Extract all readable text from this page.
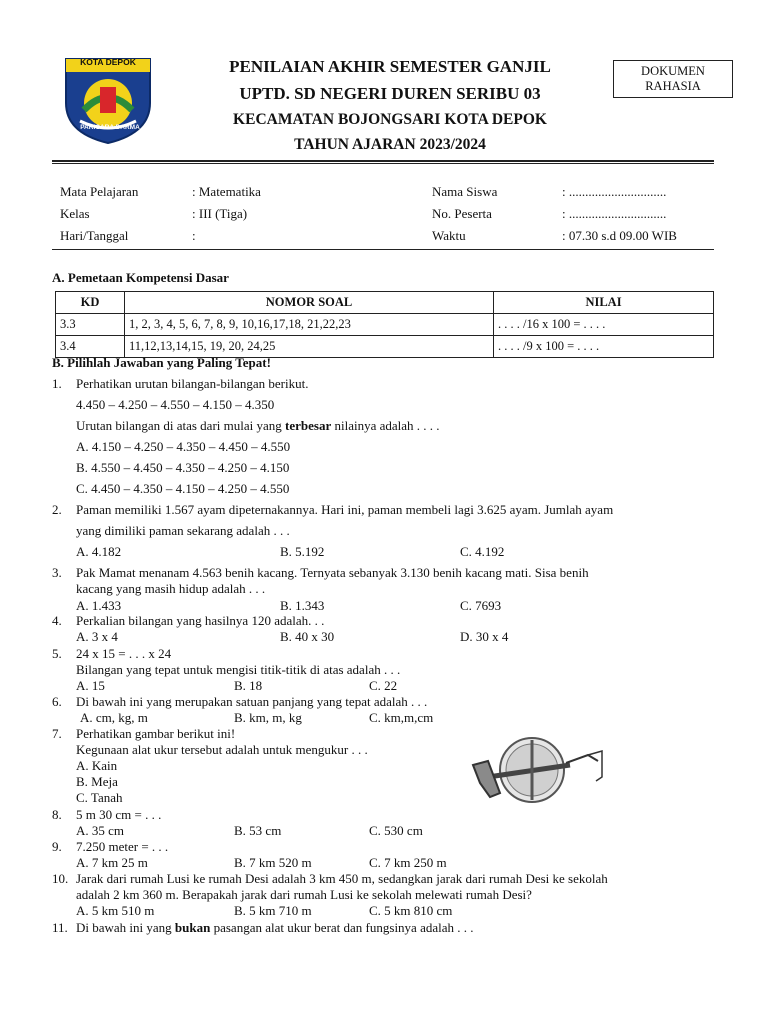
KOTA DEPOK
PARICARA DARMA
PENILAIAN AKHIR SEMESTER GANJIL
UPTD. SD NEGERI DUREN SERIBU 03
KECAMATAN BOJONGSARI KOTA DEPOK
TAHUN AJARAN 2023/2024
DOKUMEN
RAHASIA
Mata Pelajaran	: Matematika
Kelas	: III (Tiga)
Hari/Tanggal	:
Nama Siswa	: ..............................
No. Peserta	: ..............................
Waktu	: 07.30 s.d 09.00 WIB
A. Pemetaan Kompetensi Dasar
KD	NOMOR SOAL	NILAI
3.3	1, 2, 3, 4, 5, 6, 7, 8, 9, 10,16,17,18, 21,22,23	. . . . /16 x 100 = . . . .
3.4	11,12,13,14,15, 19, 20, 24,25	. . . . /9 x 100 = . . . .
B. Pilihlah Jawaban yang Paling Tepat!
1. Perhatikan urutan bilangan-bilangan berikut.
4.450 – 4.250 – 4.550 – 4.150 – 4.350
Urutan bilangan di atas dari mulai yang terbesar nilainya adalah . . . .
A. 4.150 – 4.250 – 4.350 – 4.450 – 4.550
B. 4.550 – 4.450 – 4.350 – 4.250 – 4.150
C. 4.450 – 4.350 – 4.150 – 4.250 – 4.550
2. Paman memiliki 1.567 ayam dipeternakannya. Hari ini, paman membeli lagi 3.625 ayam. Jumlah ayam
yang dimiliki paman sekarang adalah . . .
A. 4.182	B. 5.192	C. 4.192
3. Pak Mamat menanam 4.563 benih kacang. Ternyata sebanyak 3.130 benih kacang mati. Sisa benih
kacang yang masih hidup adalah . . .
A. 1.433	B. 1.343	C. 7693
4. Perkalian bilangan yang hasilnya 120 adalah. . .
A. 3 x 4	B. 40 x 30	D. 30 x 4
5. 24 x 15 = . . . x 24
Bilangan yang tepat untuk mengisi titik-titik di atas adalah . . .
A. 15	B. 18	C. 22
6. Di bawah ini yang merupakan satuan panjang yang tepat adalah . . .
A. cm, kg, m	B. km, m, kg	C. km,m,cm
7. Perhatikan gambar berikut ini!
Kegunaan alat ukur tersebut adalah untuk mengukur . . .
A. Kain
B. Meja
C. Tanah
8. 5 m 30 cm = . . .
A. 35 cm	B. 53 cm	C. 530 cm
9. 7.250 meter = . . .
A. 7 km 25 m	B. 7 km 520 m	C. 7 km 250 m
10. Jarak dari rumah Lusi ke rumah Desi adalah 3 km 450 m, sedangkan jarak dari rumah Desi ke sekolah
adalah 2 km 360 m. Berapakah jarak dari rumah Lusi ke sekolah melewati rumah Desi?
A. 5 km 510 m	B. 5 km 710 m	C. 5 km 810 cm
11. Di bawah ini yang bukan pasangan alat ukur berat dan fungsinya adalah . . .
